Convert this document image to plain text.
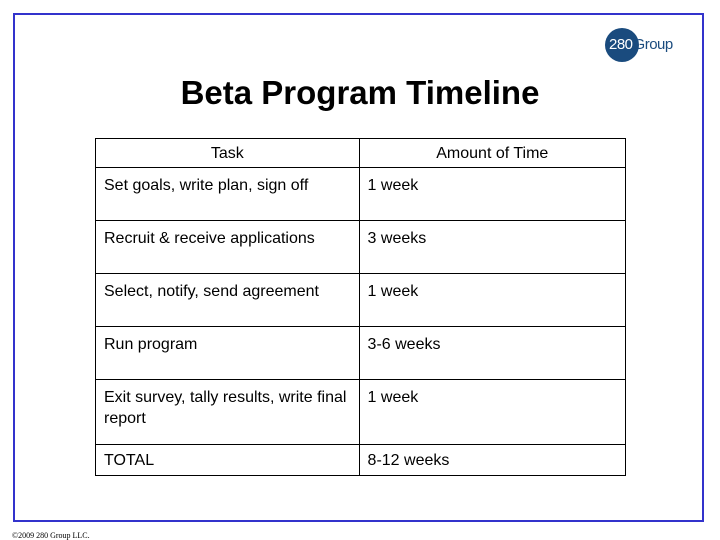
280Group
Beta Program Timeline
Task	Amount of Time
Set goals, write plan, sign off	1 week
Recruit & receive applications	3 weeks
Select, notify, send agreement	1 week
Run program	3-6 weeks
Exit survey, tally results, write final report	1 week
TOTAL	8-12 weeks
©2009 280 Group LLC.
